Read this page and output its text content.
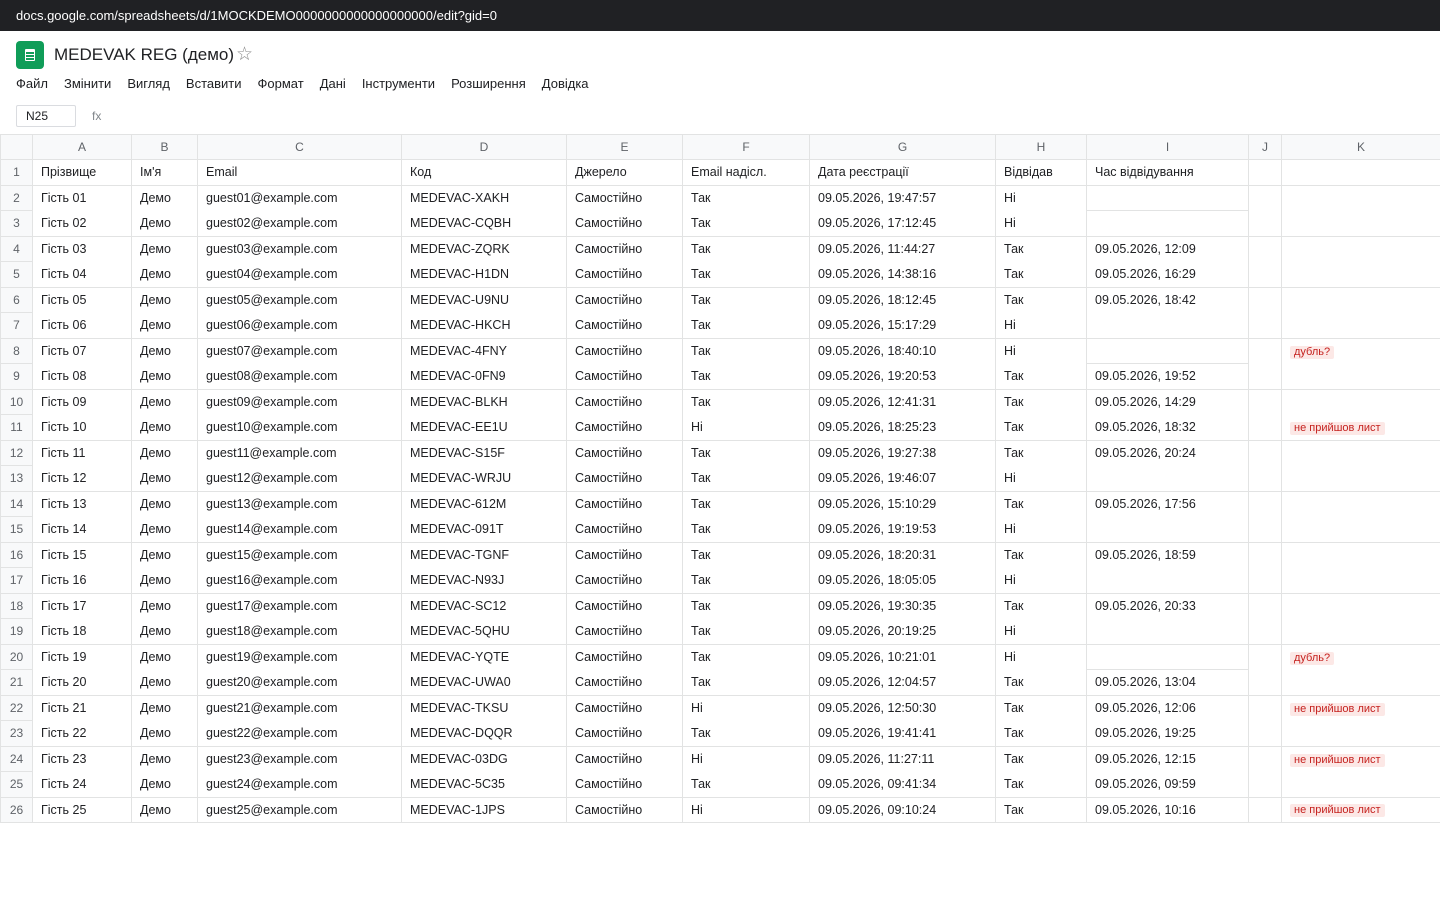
docs.google.com/spreadsheets/d/1MOCKDEMO0000000000000000000/edit?gid=0
MEDEVAK REG (демо) ☆
Файл Змінити Вигляд Вставити Формат Дані Інструменти Розширення Довідка
N25	fx
	A	B	C	D	E	F	G	H	I	J	K
1	Прізвище	Ім'я	Email	Код	Джерело	Email надісл.	Дата реєстрації	Відвідав	Час відвідування		
2	Гість 01	Демо	guest01@example.com	MEDEVAC-XAKH	Самостійно	Так	09.05.2026, 19:47:57	Ні			
3	Гість 02	Демо	guest02@example.com	MEDEVAC-CQBH	Самостійно	Так	09.05.2026, 17:12:45	Ні			
4	Гість 03	Демо	guest03@example.com	MEDEVAC-ZQRK	Самостійно	Так	09.05.2026, 11:44:27	Так	09.05.2026, 12:09		
5	Гість 04	Демо	guest04@example.com	MEDEVAC-H1DN	Самостійно	Так	09.05.2026, 14:38:16	Так	09.05.2026, 16:29		
6	Гість 05	Демо	guest05@example.com	MEDEVAC-U9NU	Самостійно	Так	09.05.2026, 18:12:45	Так	09.05.2026, 18:42		
7	Гість 06	Демо	guest06@example.com	MEDEVAC-HKCH	Самостійно	Так	09.05.2026, 15:17:29	Ні			
8	Гість 07	Демо	guest07@example.com	MEDEVAC-4FNY	Самостійно	Так	09.05.2026, 18:40:10	Ні			дубль?
9	Гість 08	Демо	guest08@example.com	MEDEVAC-0FN9	Самостійно	Так	09.05.2026, 19:20:53	Так	09.05.2026, 19:52		
10	Гість 09	Демо	guest09@example.com	MEDEVAC-BLKH	Самостійно	Так	09.05.2026, 12:41:31	Так	09.05.2026, 14:29		
11	Гість 10	Демо	guest10@example.com	MEDEVAC-EE1U	Самостійно	Ні	09.05.2026, 18:25:23	Так	09.05.2026, 18:32		не прийшов лист
12	Гість 11	Демо	guest11@example.com	MEDEVAC-S15F	Самостійно	Так	09.05.2026, 19:27:38	Так	09.05.2026, 20:24		
13	Гість 12	Демо	guest12@example.com	MEDEVAC-WRJU	Самостійно	Так	09.05.2026, 19:46:07	Ні			
14	Гість 13	Демо	guest13@example.com	MEDEVAC-612M	Самостійно	Так	09.05.2026, 15:10:29	Так	09.05.2026, 17:56		
15	Гість 14	Демо	guest14@example.com	MEDEVAC-091T	Самостійно	Так	09.05.2026, 19:19:53	Ні			
16	Гість 15	Демо	guest15@example.com	MEDEVAC-TGNF	Самостійно	Так	09.05.2026, 18:20:31	Так	09.05.2026, 18:59		
17	Гість 16	Демо	guest16@example.com	MEDEVAC-N93J	Самостійно	Так	09.05.2026, 18:05:05	Ні			
18	Гість 17	Демо	guest17@example.com	MEDEVAC-SC12	Самостійно	Так	09.05.2026, 19:30:35	Так	09.05.2026, 20:33		
19	Гість 18	Демо	guest18@example.com	MEDEVAC-5QHU	Самостійно	Так	09.05.2026, 20:19:25	Ні			
20	Гість 19	Демо	guest19@example.com	MEDEVAC-YQTE	Самостійно	Так	09.05.2026, 10:21:01	Ні			дубль?
21	Гість 20	Демо	guest20@example.com	MEDEVAC-UWA0	Самостійно	Так	09.05.2026, 12:04:57	Так	09.05.2026, 13:04		
22	Гість 21	Демо	guest21@example.com	MEDEVAC-TKSU	Самостійно	Ні	09.05.2026, 12:50:30	Так	09.05.2026, 12:06		не прийшов лист
23	Гість 22	Демо	guest22@example.com	MEDEVAC-DQQR	Самостійно	Так	09.05.2026, 19:41:41	Так	09.05.2026, 19:25		
24	Гість 23	Демо	guest23@example.com	MEDEVAC-03DG	Самостійно	Ні	09.05.2026, 11:27:11	Так	09.05.2026, 12:15		не прийшов лист
25	Гість 24	Демо	guest24@example.com	MEDEVAC-5C35	Самостійно	Так	09.05.2026, 09:41:34	Так	09.05.2026, 09:59		
26	Гість 25	Демо	guest25@example.com	MEDEVAC-1JPS	Самостійно	Ні	09.05.2026, 09:10:24	Так	09.05.2026, 10:16		не прийшов лист
